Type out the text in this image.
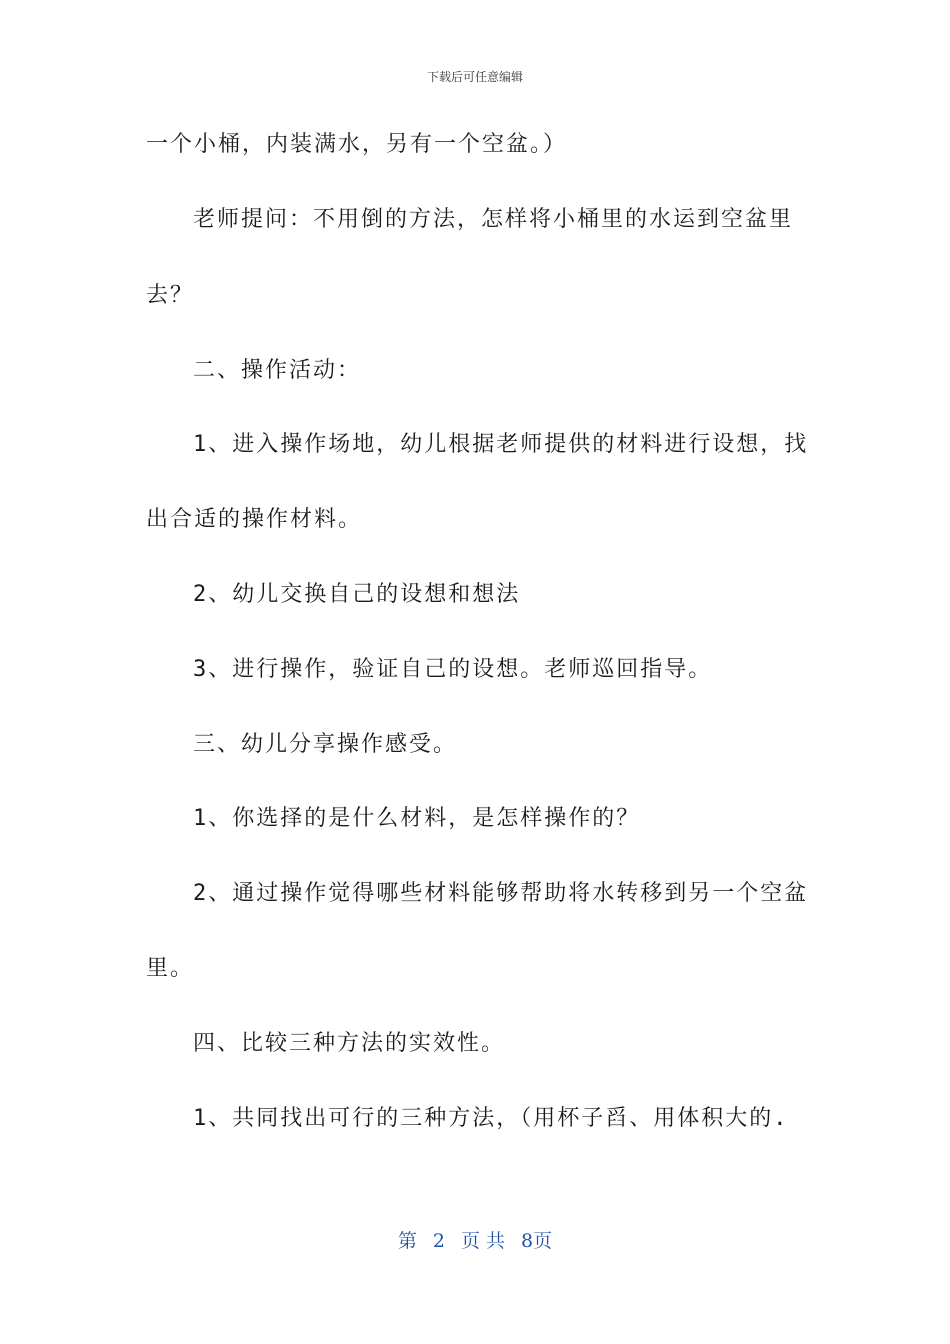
下载后可任意编辑
一个小桶，内装满水，另有一个空盆。）
老师提问：不用倒的方法，怎样将小桶里的水运到空盆里
去？
二、操作活动：
1、进入操作场地，幼儿根据老师提供的材料进行设想，找
出合适的操作材料。
2、幼儿交换自己的设想和想法
3、进行操作，验证自己的设想。老师巡回指导。
三、幼儿分享操作感受。
1、你选择的是什么材料，是怎样操作的？
2、通过操作觉得哪些材料能够帮助将水转移到另一个空盆
里。
四、比较三种方法的实效性。
1、共同找出可行的三种方法，（用杯子舀、用体积大的.
第 2 页 共 8页
